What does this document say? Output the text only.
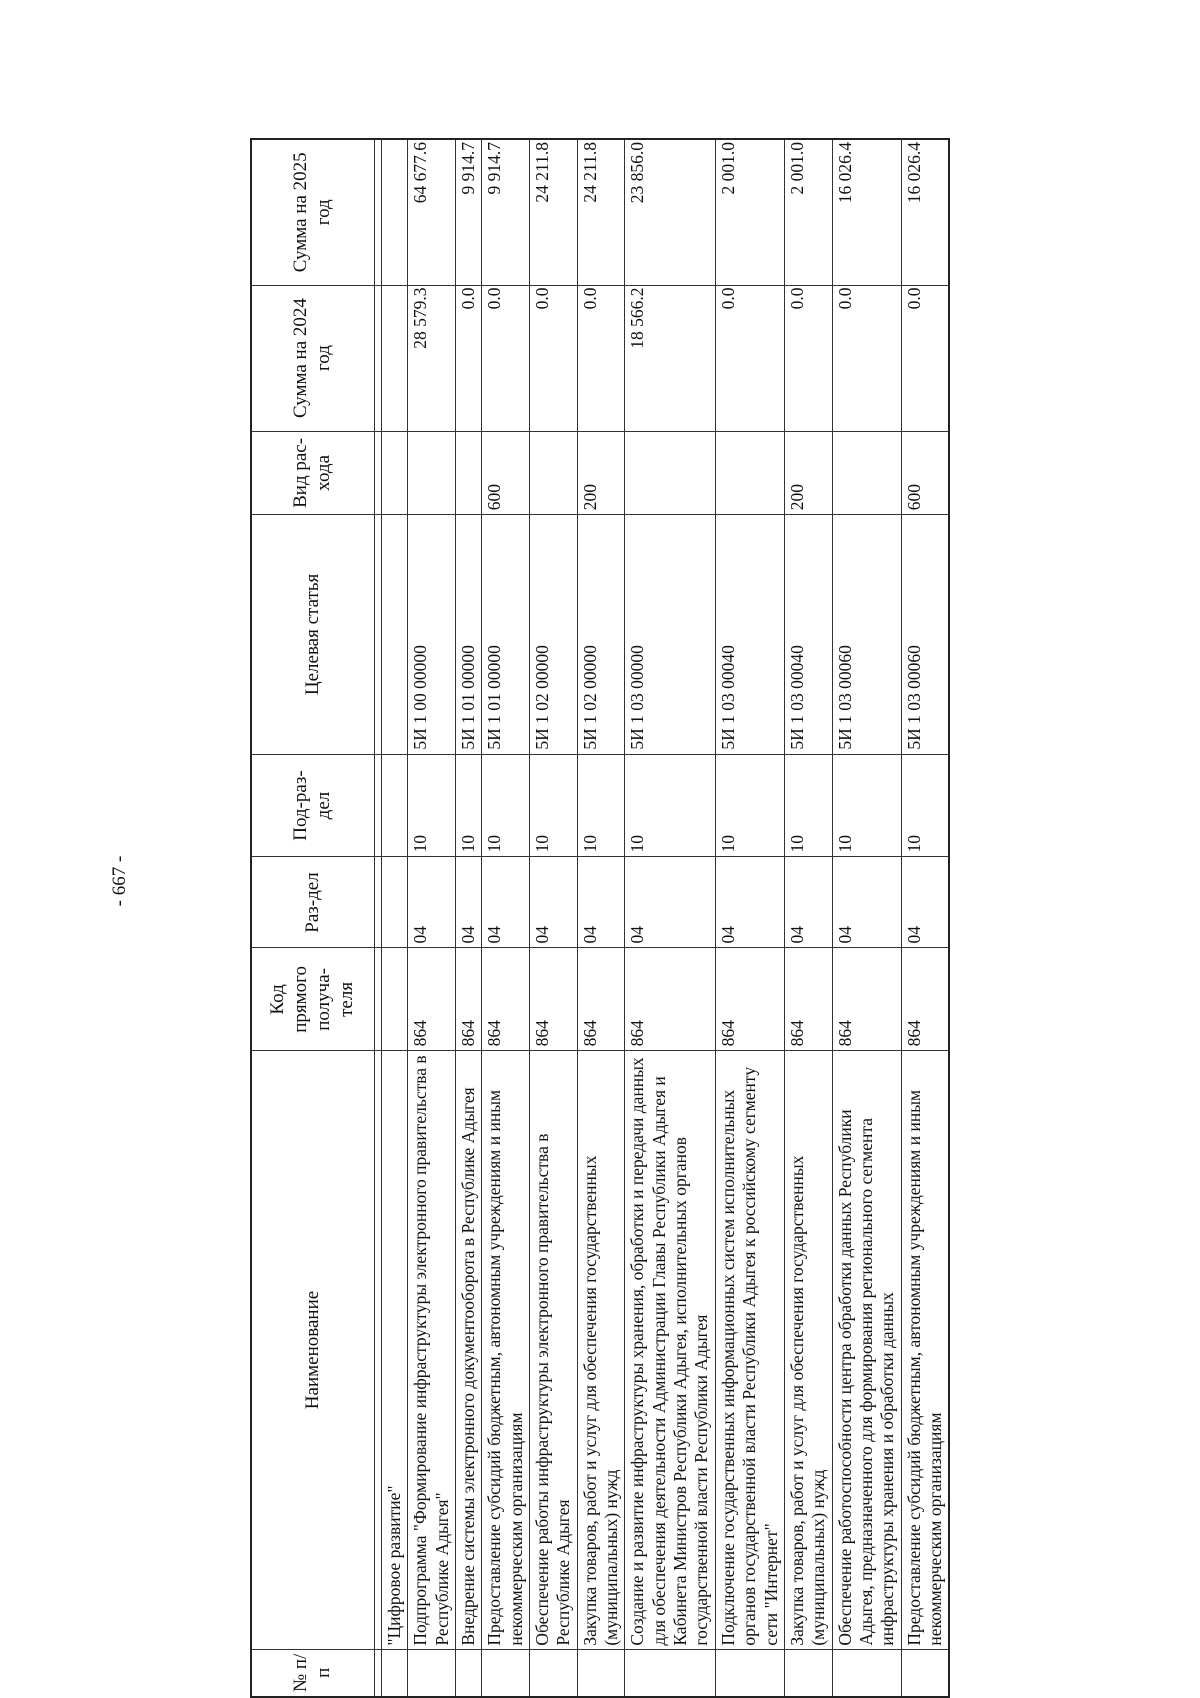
- 667 -
№ п/п	Наименование	Код прямого получа-теля	Раз-дел	Под-раз-дел	Целевая статья	Вид рас-хода	Сумма на 2024 год	Сумма на 2025 год

	"Цифровое развитие"							
	Подпрограмма "Формирование инфраструктуры электронного правительства в Республике Адыгея"	864	04	10	5И 1 00 00000		28 579.3	64 677.6
	Внедрение системы электронного документооборота в Республике Адыгея	864	04	10	5И 1 01 00000		0.0	9 914.7
	Предоставление субсидий бюджетным, автономным учреждениям и иным некоммерческим организациям	864	04	10	5И 1 01 00000	600	0.0	9 914.7
	Обеспечение работы инфраструктуры электронного правительства в Республике Адыгея	864	04	10	5И 1 02 00000		0.0	24 211.8
	Закупка товаров, работ и услуг для обеспечения государственных (муниципальных) нужд	864	04	10	5И 1 02 00000	200	0.0	24 211.8
	Создание и развитие инфраструктуры хранения, обработки и передачи данных для обеспечения деятельности Администрации Главы Республики Адыгея и Кабинета Министров Республики Адыгея, исполнительных органов государственной власти Республики Адыгея	864	04	10	5И 1 03 00000		18 566.2	23 856.0
	Подключение государственных информационных систем исполнительных органов государственной власти Республики Адыгея к российскому сегменту сети "Интернет"	864	04	10	5И 1 03 00040		0.0	2 001.0
	Закупка товаров, работ и услуг для обеспечения государственных (муниципальных) нужд	864	04	10	5И 1 03 00040	200	0.0	2 001.0
	Обеспечение работоспособности центра обработки данных Республики Адыгея, предназначенного для формирования регионального сегмента инфраструктуры хранения и обработки данных	864	04	10	5И 1 03 00060		0.0	16 026.4
	Предоставление субсидий бюджетным, автономным учреждениям и иным некоммерческим организациям	864	04	10	5И 1 03 00060	600	0.0	16 026.4
